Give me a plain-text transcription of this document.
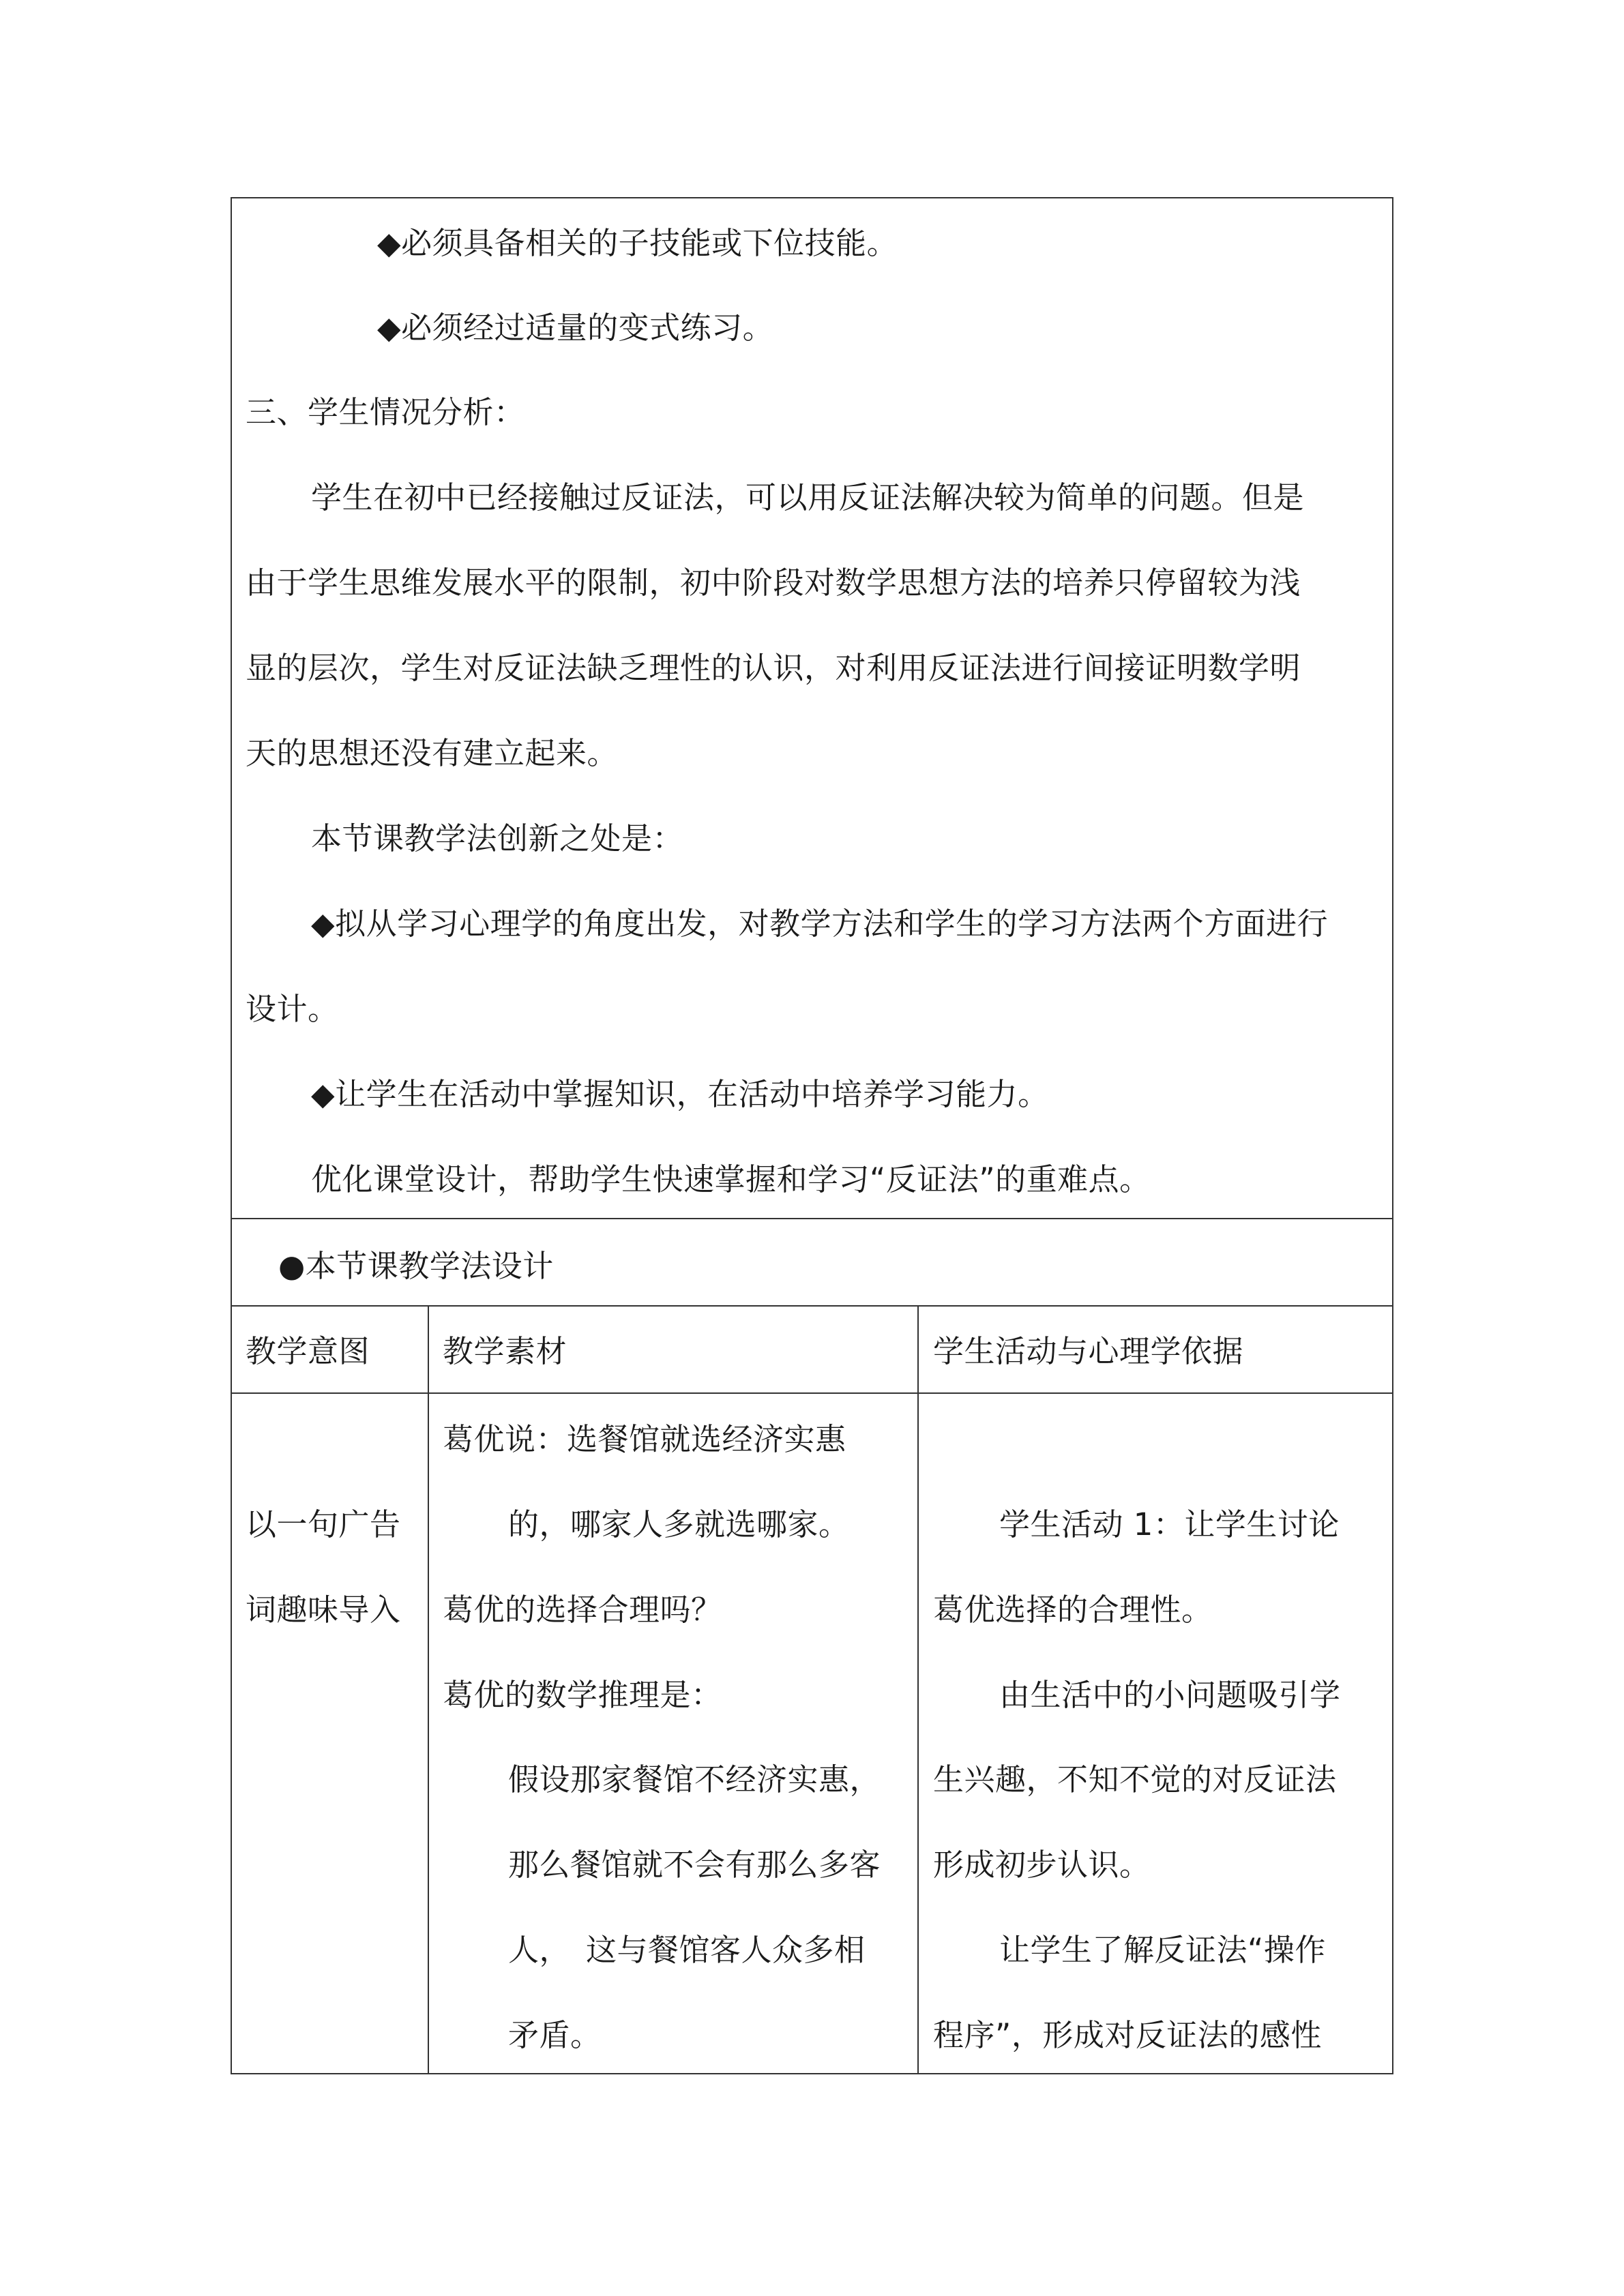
◆必须具备相关的子技能或下位技能。
◆必须经过适量的变式练习。
三、学生情况分析：
学生在初中已经接触过反证法，可以用反证法解决较为简单的问题。但是
由于学生思维发展水平的限制，初中阶段对数学思想方法的培养只停留较为浅
显的层次，学生对反证法缺乏理性的认识，对利用反证法进行间接证明数学明
天的思想还没有建立起来。
本节课教学法创新之处是：
◆拟从学习心理学的角度出发，对教学方法和学生的学习方法两个方面进行
设计。
◆让学生在活动中掌握知识，在活动中培养学习能力。
优化课堂设计，帮助学生快速掌握和学习“反证法”的重难点。
●本节课教学法设计
教学意图 教学素材	学生活动与心理学依据
以一句广告
词趣味导入
葛优说：选餐馆就选经济实惠
的，哪家人多就选哪家。
葛优的选择合理吗？
葛优的数学推理是：
假设那家餐馆不经济实惠，
那么餐馆就不会有那么多客
人，　这与餐馆客人众多相
矛盾。
学生活动 1：让学生讨论
葛优选择的合理性。
由生活中的小问题吸引学
生兴趣，不知不觉的对反证法
形成初步认识。
让学生了解反证法“操作
程序”，形成对反证法的感性
